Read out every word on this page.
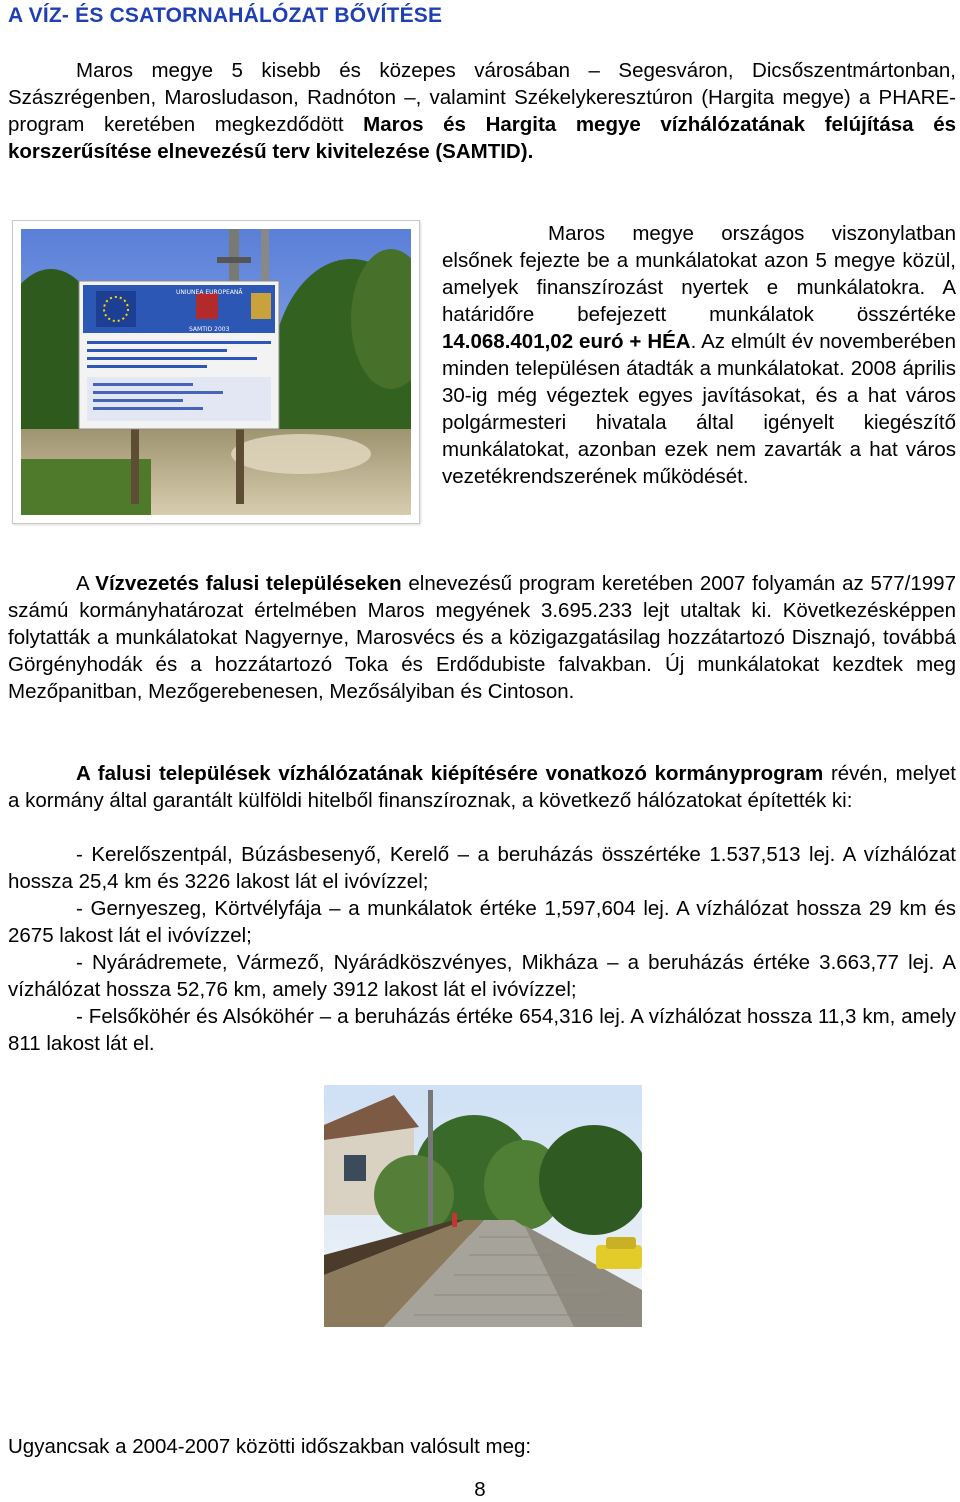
A VÍZ- ÉS CSATORNAHÁLÓZAT BŐVÍTÉSE
Maros megye 5 kisebb és közepes városában – Segesváron, Dicsőszentmártonban, Szászrégenben, Marosludason, Radnóton –, valamint Székelykeresztúron (Hargita megye) a PHARE-program keretében megkezdődött Maros és Hargita megye vízhálózatának felújítása és korszerűsítése elnevezésű terv kivitelezése (SAMTID).
UNIUNEA EUROPEANĂ
SAMTID 2003
Maros megye országos viszonylatban elsőnek fejezte be a munkálatokat azon 5 megye közül, amelyek finanszírozást nyertek e munkálatokra. A határidőre befejezett munkálatok összértéke 14.068.401,02 euró + HÉA. Az elmúlt év novemberében minden településen átadták a munkálatokat. 2008 április 30-ig még végeztek egyes javításokat, és a hat város polgármesteri hivatala által igényelt kiegészítő munkálatokat, azonban ezek nem zavarták a hat város vezetékrendszerének működését.
A Vízvezetés falusi településeken elnevezésű program keretében 2007 folyamán az 577/1997 számú kormányhatározat értelmében Maros megyének 3.695.233 lejt utaltak ki. Következésképpen folytatták a munkálatokat Nagyernye, Marosvécs és a közigazgatásilag hozzátartozó Disznajó, továbbá Görgényhodák és a hozzátartozó Toka és Erdődubiste falvakban. Új munkálatokat kezdtek meg Mezőpanitban, Mezőgerebenesen, Mezősályiban és Cintoson.
A falusi települések vízhálózatának kiépítésére vonatkozó kormányprogram révén, melyet a kormány által garantált külföldi hitelből finanszíroznak, a következő hálózatokat építették ki:
- Kerelőszentpál, Búzásbesenyő, Kerelő – a beruházás összértéke 1.537,513 lej. A vízhálózat hossza 25,4 km és 3226 lakost lát el ivóvízzel;
- Gernyeszeg, Körtvélyfája – a munkálatok értéke 1,597,604 lej. A vízhálózat hossza 29 km és 2675 lakost lát el ivóvízzel;
- Nyárádremete, Vármező, Nyárádköszvényes, Mikháza – a beruházás értéke 3.663,77 lej. A vízhálózat hossza 52,76 km, amely 3912 lakost lát el ivóvízzel;
- Felsőköhér és Alsóköhér – a beruházás értéke 654,316 lej. A vízhálózat hossza 11,3 km, amely 811 lakost lát el.
Ugyancsak a 2004-2007 közötti időszakban valósult meg:
8
